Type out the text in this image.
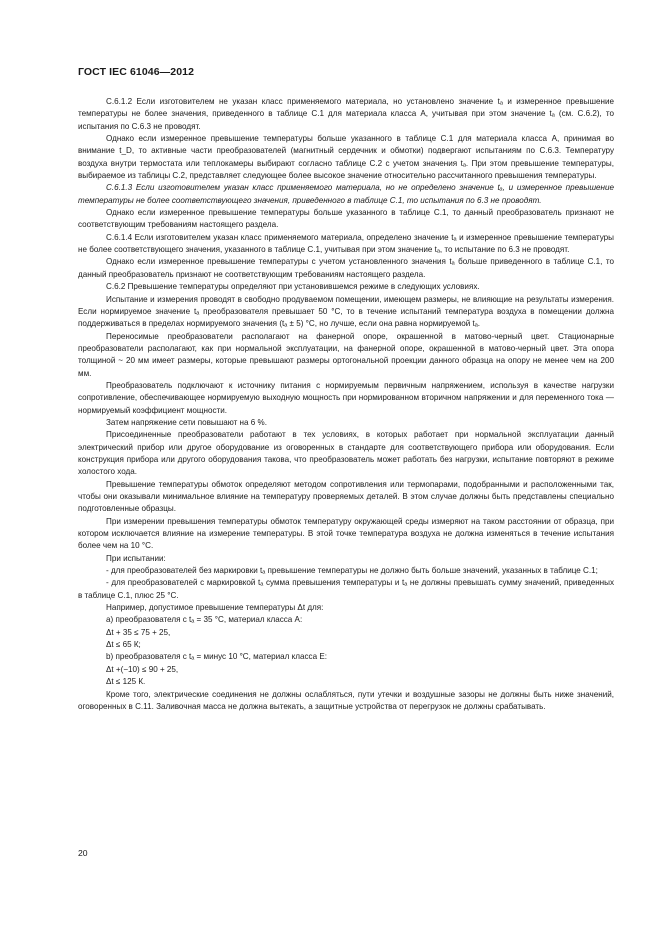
ГОСТ IEC 61046—2012

С.6.1.2 Если изготовителем не указан класс применяемого материала, но установлено значение tₐ и измеренное превышение температуры не более значения, приведенного в таблице С.1 для материала класса А, учитывая при этом значение tₐ (см. С.6.2), то испытания по С.6.3 не проводят.

Однако если измеренное превышение температуры больше указанного в таблице С.1 для материала класса А, принимая во внимание t_D, то активные части преобразователей (магнитный сердечник и обмотки) подвергают испытаниям по С.6.3. Температуру воздуха внутри термостата или теплокамеры выбирают согласно таблице С.2 с учетом значения tₐ. При этом превышение температуры, выбираемое из таблицы С.2, представляет следующее более высокое значение относительно рассчитанного превышения температуры.

С.6.1.3 Если изготовителем указан класс применяемого материала, но не определено значение tₐ, и измеренное превышение температуры не более соответствующего значения, приведенного в таблице С.1, то испытания по 6.3 не проводят.

Однако если измеренное превышение температуры больше указанного в таблице С.1, то данный преобразователь признают не соответствующим требованиям настоящего раздела.

С.6.1.4 Если изготовителем указан класс применяемого материала, определено значение tₐ и измеренное превышение температуры не более соответствующего значения, указанного в таблице С.1, учитывая при этом значение tₐ, то испытание по 6.3 не проводят.

Однако если измеренное превышение температуры с учетом установленного значения tₐ больше приведенного в таблице С.1, то данный преобразователь признают не соответствующим требованиям настоящего раздела.

С.6.2 Превышение температуры определяют при установившемся режиме в следующих условиях.

Испытание и измерения проводят в свободно продуваемом помещении, имеющем размеры, не влияющие на результаты измерения. Если нормируемое значение tₐ преобразователя превышает 50 °С, то в течение испытаний температура воздуха в помещении должна поддерживаться в пределах нормируемого значения (tₐ ± 5) °С, но лучше, если она равна нормируемой tₐ.

Переносимые преобразователи располагают на фанерной опоре, окрашенной в матово-черный цвет. Стационарные преобразователи располагают, как при нормальной эксплуатации, на фанерной опоре, окрашенной в матово-черный цвет. Эта опора толщиной ~ 20 мм имеет размеры, которые превышают размеры ортогональной проекции данного образца на опору не менее чем на 200 мм.

Преобразователь подключают к источнику питания с нормируемым первичным напряжением, используя в качестве нагрузки сопротивление, обеспечивающее нормируемую выходную мощность при нормированном вторичном напряжении и для переменного тока — нормируемый коэффициент мощности.

Затем напряжение сети повышают на 6 %.

Присоединенные преобразователи работают в тех условиях, в которых работает при нормальной эксплуатации данный электрический прибор или другое оборудование из оговоренных в стандарте для соответствующего прибора или оборудования. Если конструкция прибора или другого оборудования такова, что преобразователь может работать без нагрузки, испытание повторяют в режиме холостого хода.

Превышение температуры обмоток определяют методом сопротивления или термопарами, подобранными и расположенными так, чтобы они оказывали минимальное влияние на температуру проверяемых деталей. В этом случае должны быть представлены специально подготовленные образцы.

При измерении превышения температуры обмоток температуру окружающей среды измеряют на таком расстоянии от образца, при котором исключается влияние на измерение температуры. В этой точке температура воздуха не должна изменяться в течение испытания более чем на 10 °С.

При испытании:

- для преобразователей без маркировки tₐ превышение температуры не должно быть больше значений, указанных в таблице С.1;

- для преобразователей с маркировкой tₐ сумма превышения температуры и tₐ не должны превышать сумму значений, приведенных в таблице С.1, плюс 25 °С.

Например, допустимое превышение температуры Δt для:

а) преобразователя с tₐ = 35 °С, материал класса А:

Δt + 35 ≤ 75 + 25,

Δt ≤ 65 К;

b) преобразователя с tₐ = минус 10 °С, материал класса Е:

Δt +(−10) ≤ 90 + 25,

Δt ≤ 125 К.

Кроме того, электрические соединения не должны ослабляться, пути утечки и воздушные зазоры не должны быть ниже значений, оговоренных в С.11. Заливочная масса не должна вытекать, а защитные устройства от перегрузок не должны срабатывать.

20
